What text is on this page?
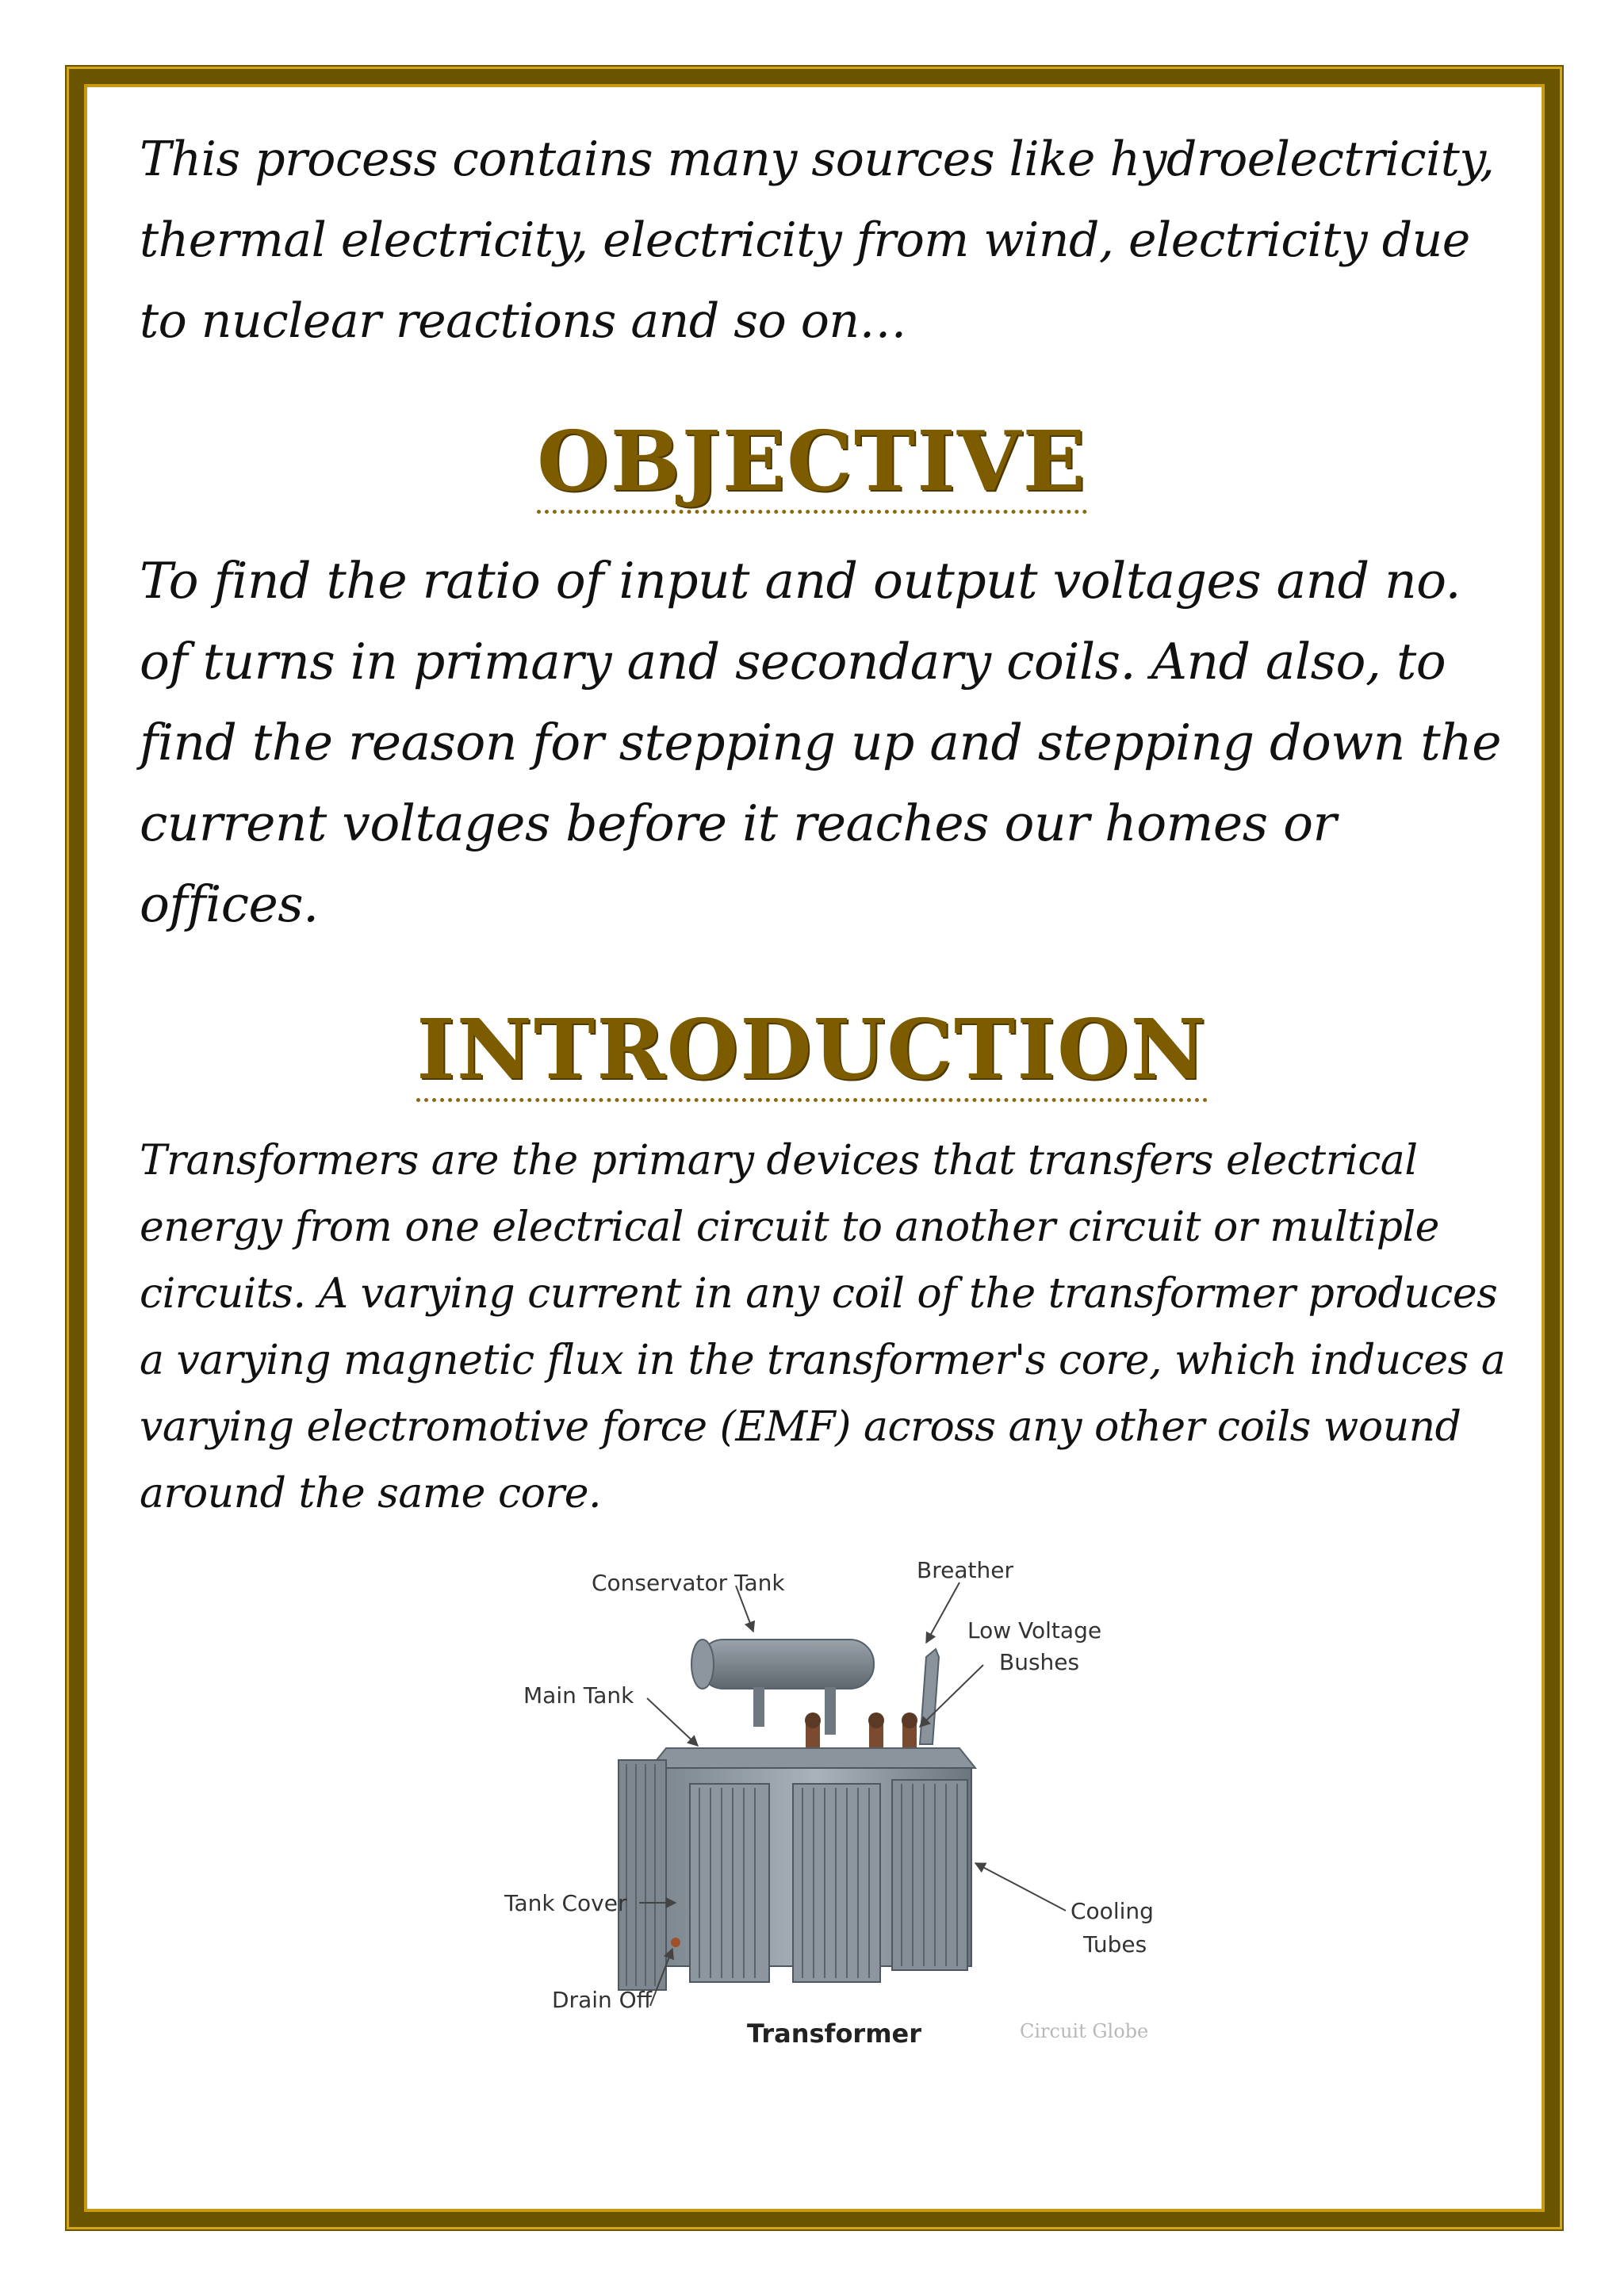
This process contains many sources like hydroelectricity, thermal electricity, electricity from wind, electricity due to nuclear reactions and so on…

OBJECTIVE

To find the ratio of input and output voltages and no. of turns in primary and secondary coils. And also, to find the reason for stepping up and stepping down the current voltages before it reaches our homes or offices.

INTRODUCTION

Transformers are the primary devices that transfers electrical energy from one electrical circuit to another circuit or multiple circuits. A varying current in any coil of the transformer produces a varying magnetic flux in the transformer's core, which induces a varying electromotive force (EMF) across any other coils wound around the same core.

Conservator Tank	Breather
Low Voltage
Bushes
Main Tank
Tank Cover	Cooling
Tubes
Drain Off
Transformer	Circuit Globe
